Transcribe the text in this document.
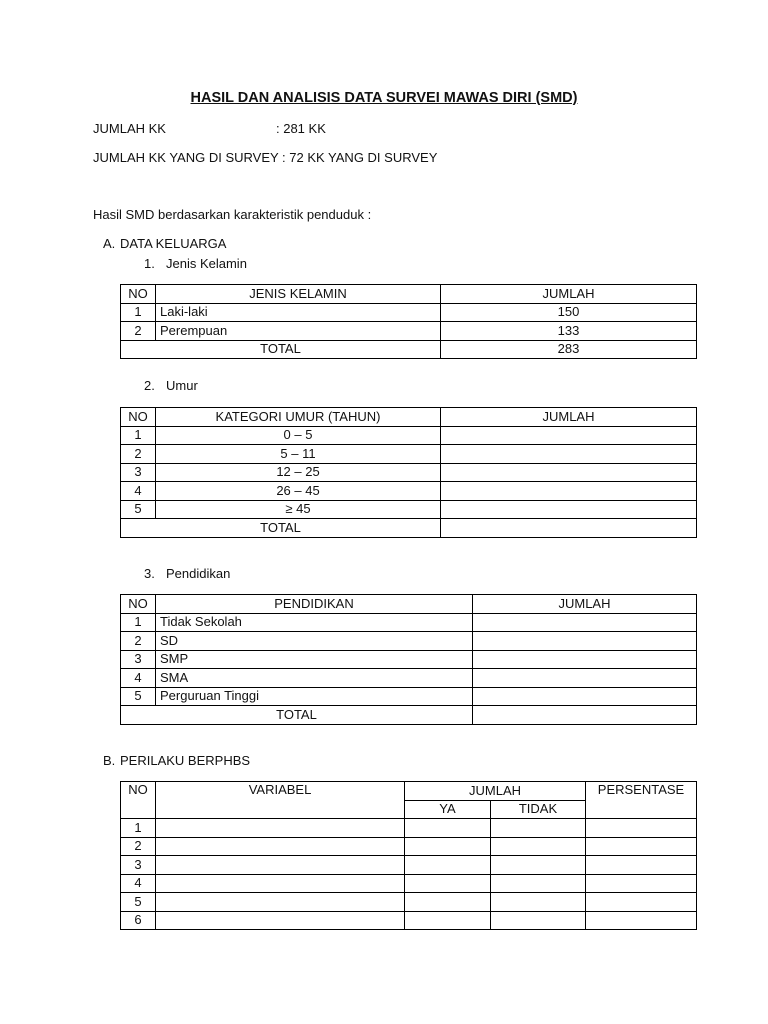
HASIL DAN ANALISIS DATA SURVEI MAWAS DIRI (SMD)
JUMLAH KK	: 281 KK
JUMLAH KK YANG DI SURVEY : 72 KK YANG DI SURVEY
Hasil SMD berdasarkan karakteristik penduduk :
A. DATA KELUARGA
1. Jenis Kelamin
NO	JENIS KELAMIN	JUMLAH
1	Laki-laki	150
2	Perempuan	133
TOTAL		283
2. Umur
NO	KATEGORI UMUR (TAHUN)	JUMLAH
1	0 – 5	
2	5 – 11	
3	12 – 25	
4	26 – 45	
5	≥ 45	
TOTAL		
3. Pendidikan
NO	PENDIDIKAN	JUMLAH
1	Tidak Sekolah	
2	SD	
3	SMP	
4	SMA	
5	Perguruan Tinggi	
TOTAL		
B. PERILAKU BERPHBS
NO	VARIABEL	JUMLAH		PERSENTASE
		YA	TIDAK	
1				
2				
3				
4				
5				
6				
